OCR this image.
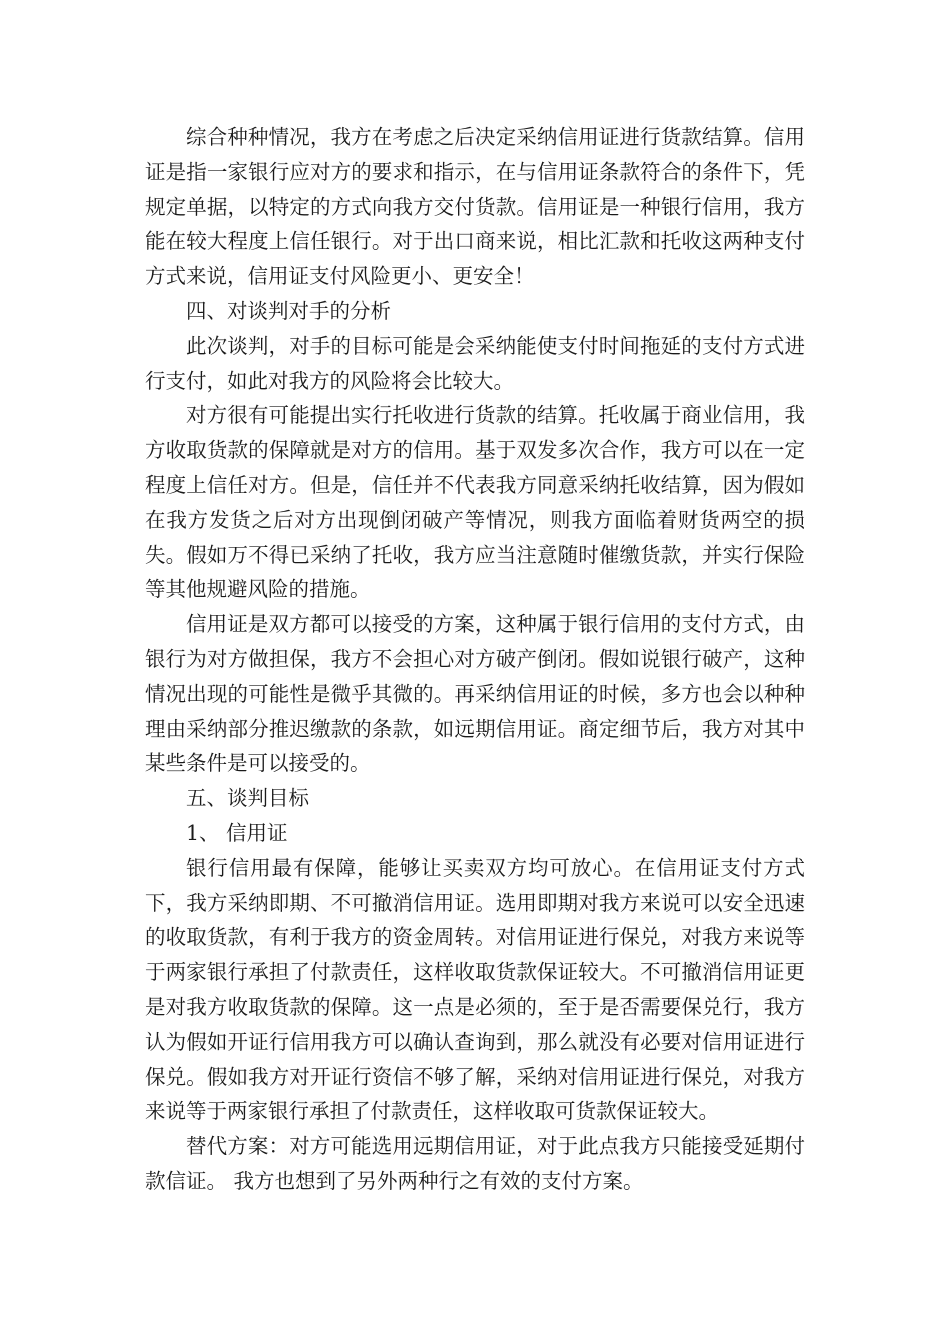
综合种种情况，我方在考虑之后决定采纳信用证进行货款结算。信用证是指一家银行应对方的要求和指示，在与信用证条款符合的条件下，凭规定单据，以特定的方式向我方交付货款。信用证是一种银行信用，我方能在较大程度上信任银行。对于出口商来说，相比汇款和托收这两种支付方式来说，信用证支付风险更小、更安全！

四、对谈判对手的分析

此次谈判，对手的目标可能是会采纳能使支付时间拖延的支付方式进行支付，如此对我方的风险将会比较大。

对方很有可能提出实行托收进行货款的结算。托收属于商业信用，我方收取货款的保障就是对方的信用。基于双发多次合作，我方可以在一定程度上信任对方。但是，信任并不代表我方同意采纳托收结算，因为假如在我方发货之后对方出现倒闭破产等情况，则我方面临着财货两空的损失。假如万不得已采纳了托收，我方应当注意随时催缴货款，并实行保险等其他规避风险的措施。

信用证是双方都可以接受的方案，这种属于银行信用的支付方式，由银行为对方做担保，我方不会担心对方破产倒闭。假如说银行破产，这种情况出现的可能性是微乎其微的。再采纳信用证的时候，多方也会以种种理由采纳部分推迟缴款的条款，如远期信用证。商定细节后，我方对其中某些条件是可以接受的。

五、谈判目标

1、 信用证

银行信用最有保障，能够让买卖双方均可放心。在信用证支付方式下，我方采纳即期、不可撤消信用证。选用即期对我方来说可以安全迅速的收取货款，有利于我方的资金周转。对信用证进行保兑，对我方来说等于两家银行承担了付款责任，这样收取货款保证较大。不可撤消信用证更是对我方收取货款的保障。这一点是必须的，至于是否需要保兑行，我方认为假如开证行信用我方可以确认查询到，那么就没有必要对信用证进行保兑。假如我方对开证行资信不够了解，采纳对信用证进行保兑，对我方来说等于两家银行承担了付款责任，这样收取可货款保证较大。

替代方案：对方可能选用远期信用证，对于此点我方只能接受延期付款信证。 我方也想到了另外两种行之有效的支付方案。
